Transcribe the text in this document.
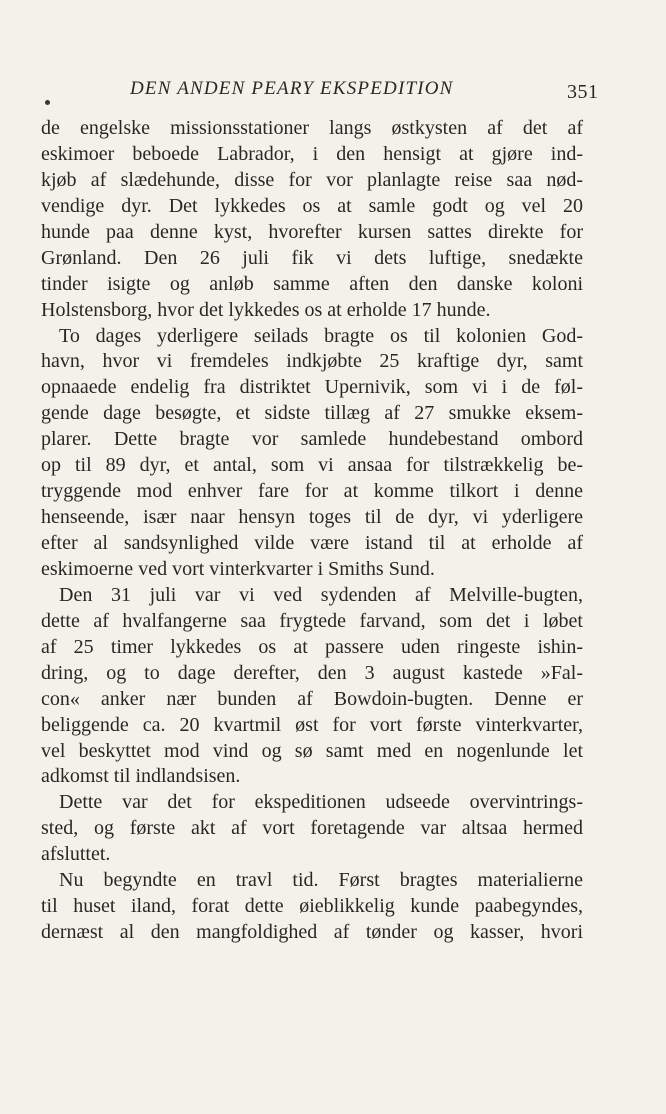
DEN ANDEN PEARY EKSPEDITION	351
de engelske missionsstationer langs østkysten af det af
eskimoer beboede Labrador, i den hensigt at gjøre ind-
kjøb af slædehunde, disse for vor planlagte reise saa nød-
vendige dyr. Det lykkedes os at samle godt og vel 20
hunde paa denne kyst, hvorefter kursen sattes direkte for
Grønland. Den 26 juli fik vi dets luftige, snedækte
tinder isigte og anløb samme aften den danske koloni
Holstensborg, hvor det lykkedes os at erholde 17 hunde.
To dages yderligere seilads bragte os til kolonien God-
havn, hvor vi fremdeles indkjøbte 25 kraftige dyr, samt
opnaaede endelig fra distriktet Upernivik, som vi i de føl-
gende dage besøgte, et sidste tillæg af 27 smukke eksem-
plarer. Dette bragte vor samlede hundebestand ombord
op til 89 dyr, et antal, som vi ansaa for tilstrækkelig be-
tryggende mod enhver fare for at komme tilkort i denne
henseende, især naar hensyn toges til de dyr, vi yderligere
efter al sandsynlighed vilde være istand til at erholde af
eskimoerne ved vort vinterkvarter i Smiths Sund.
Den 31 juli var vi ved sydenden af Melville-bugten,
dette af hvalfangerne saa frygtede farvand, som det i løbet
af 25 timer lykkedes os at passere uden ringeste ishin-
dring, og to dage derefter, den 3 august kastede »Fal-
con« anker nær bunden af Bowdoin-bugten. Denne er
beliggende ca. 20 kvartmil øst for vort første vinterkvarter,
vel beskyttet mod vind og sø samt med en nogenlunde let
adkomst til indlandsisen.
Dette var det for ekspeditionen udseede overvintrings-
sted, og første akt af vort foretagende var altsaa hermed
afsluttet.
Nu begyndte en travl tid. Først bragtes materialierne
til huset iland, forat dette øieblikkelig kunde paabegyndes,
dernæst al den mangfoldighed af tønder og kasser, hvori
